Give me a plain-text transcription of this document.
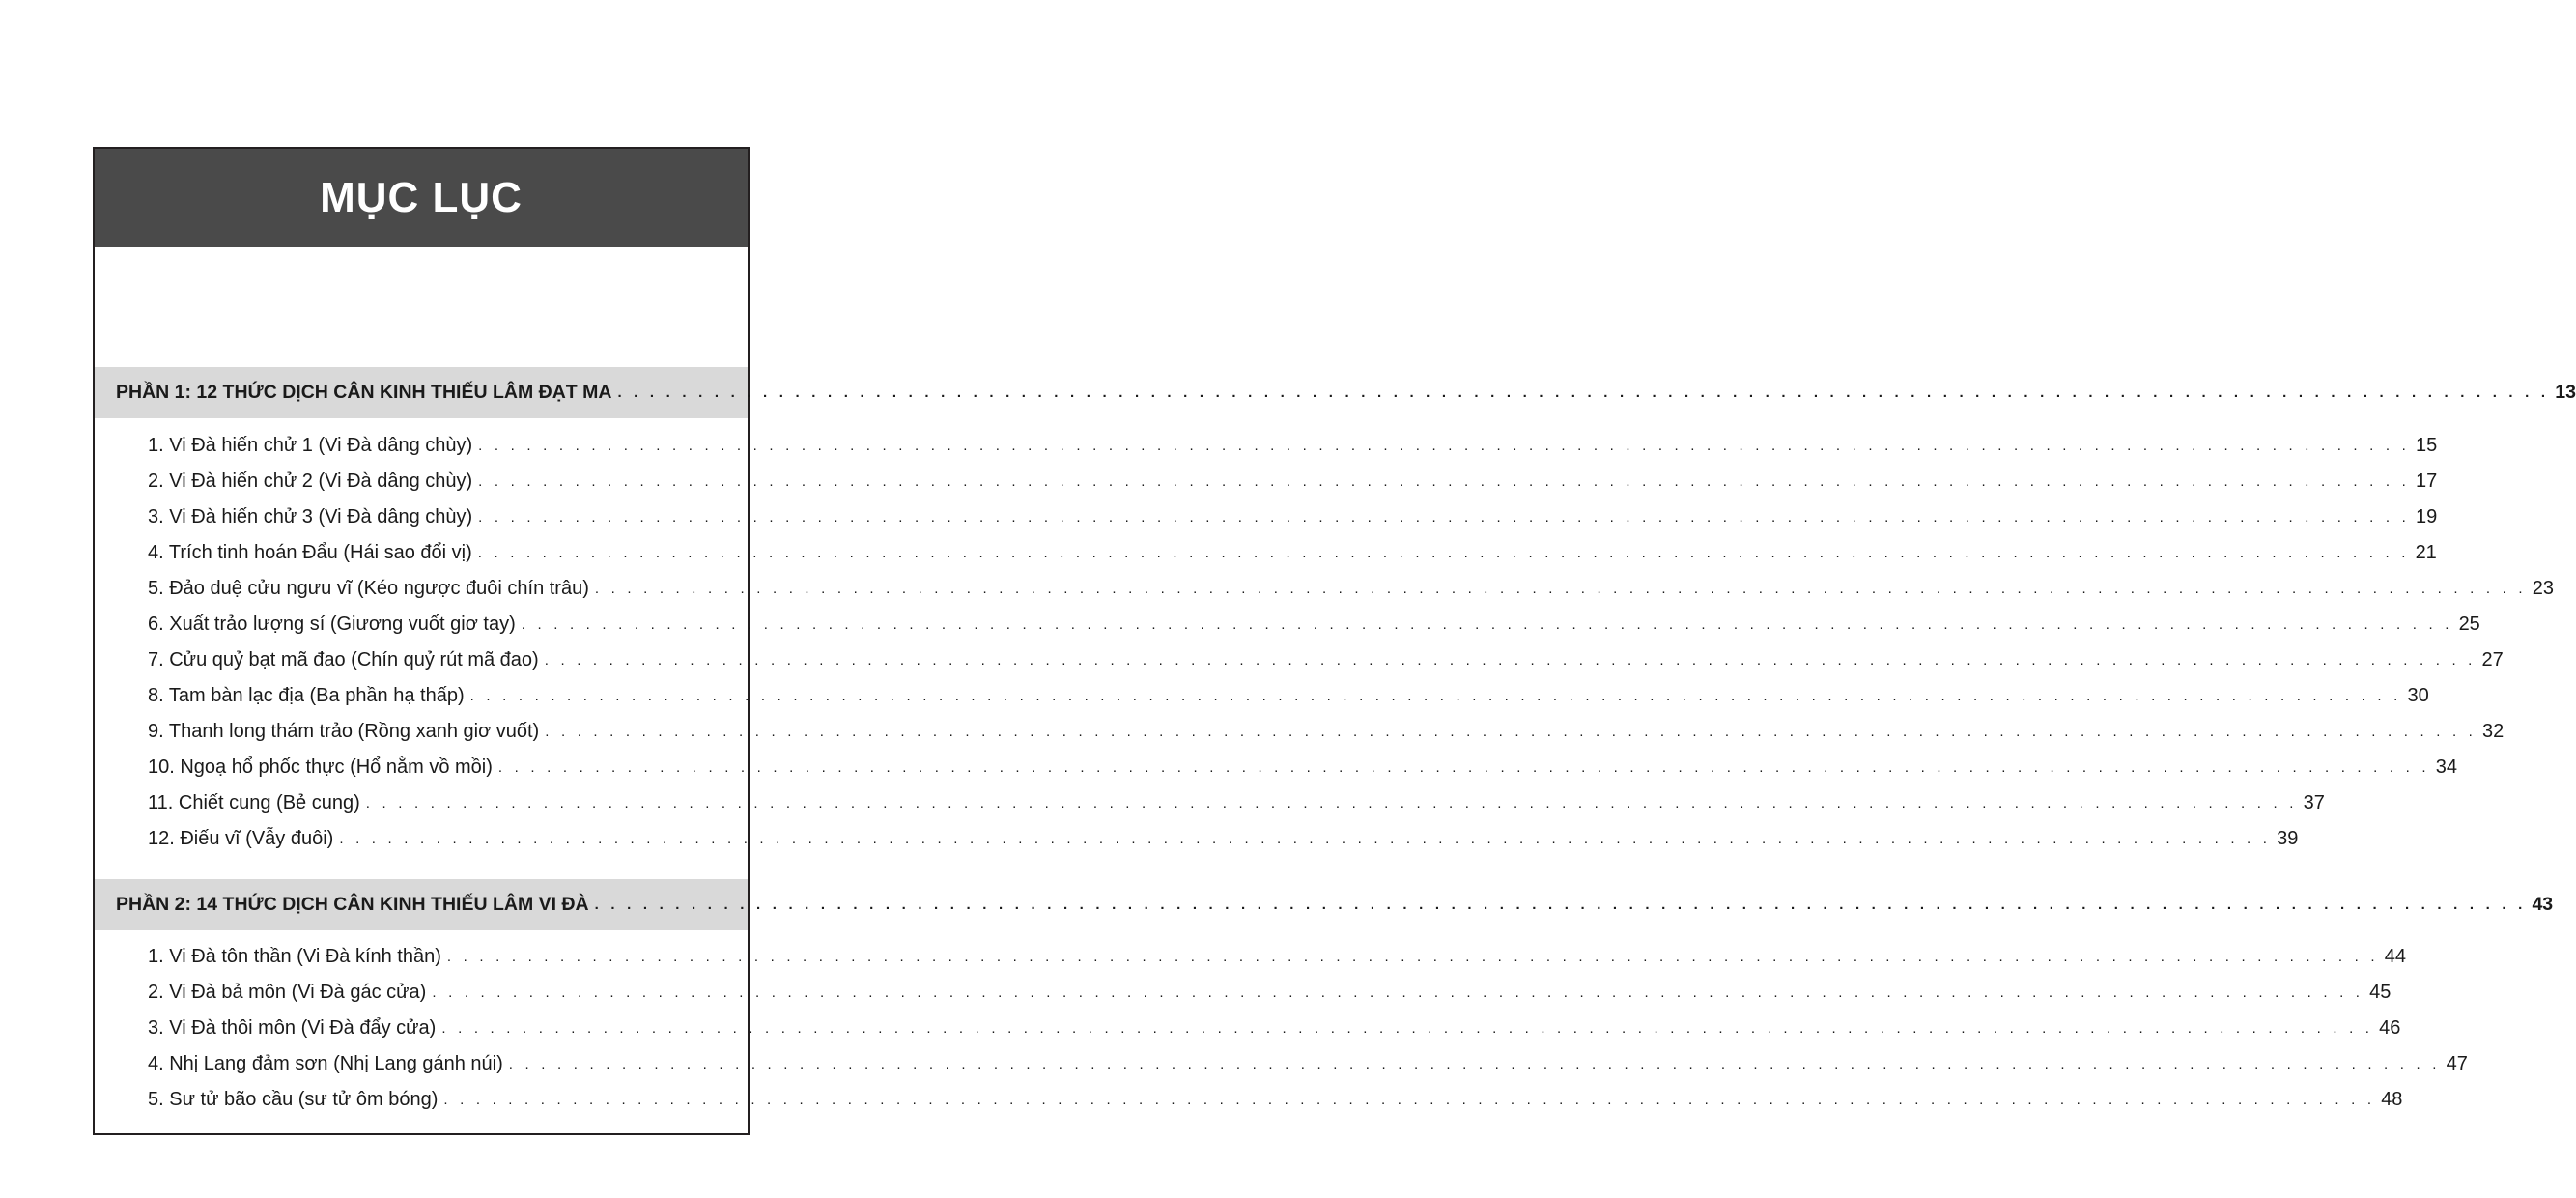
MỤC LỤC
PHẦN 1: 12 THỨC DỊCH CÂN KINH THIẾU LÂM ĐẠT MA . . . . . . . . . . . . . . . . . . . . . . . . . . . . . . . . . . . . . . . . . . . . . . . . . . . . . . . . . . . . . . . . . . . . . . . . . . . . . . . . . . . . . . . . . . . . . . . . . . . . . . . . . . . . . . . . . . . . . . . . 13
1. Vi Đà hiến chử 1 (Vi Đà dâng chùy) . . . . . . . . . . . . . . . . . . . . . . . . . . . . . . . . . . . . . . . . . . . . . . . . . . . . . . . . . . . . . . . . . . . . . . . . . . . . . . . . . . . . . . . . . . . . . . . . . . . . . . . . . . . . . . . . . . . . . . . . 15
2. Vi Đà hiến chử 2 (Vi Đà dâng chùy) . . . . . . . . . . . . . . . . . . . . . . . . . . . . . . . . . . . . . . . . . . . . . . . . . . . . . . . . . . . . . . . . . . . . . . . . . . . . . . . . . . . . . . . . . . . . . . . . . . . . . . . . . . . . . . . . . . . . . . . . 17
3. Vi Đà hiến chử 3 (Vi Đà dâng chùy) . . . . . . . . . . . . . . . . . . . . . . . . . . . . . . . . . . . . . . . . . . . . . . . . . . . . . . . . . . . . . . . . . . . . . . . . . . . . . . . . . . . . . . . . . . . . . . . . . . . . . . . . . . . . . . . . . . . . . . . . 19
4. Trích tinh hoán Đẩu (Hái sao đổi vị) . . . . . . . . . . . . . . . . . . . . . . . . . . . . . . . . . . . . . . . . . . . . . . . . . . . . . . . . . . . . . . . . . . . . . . . . . . . . . . . . . . . . . . . . . . . . . . . . . . . . . . . . . . . . . . . . . . . . . . . . 21
5. Đảo duệ cửu ngưu vĩ (Kéo ngược đuôi chín trâu) . . . . . . . . . . . . . . . . . . . . . . . . . . . . . . . . . . . . . . . . . . . . . . . . . . . . . . . . . . . . . . . . . . . . . . . . . . . . . . . . . . . . . . . . . . . . . . . . . . . . . . . . . . . . . . . . . . . . . . . . 23
6. Xuất trảo lượng sí (Giương vuốt giơ tay) . . . . . . . . . . . . . . . . . . . . . . . . . . . . . . . . . . . . . . . . . . . . . . . . . . . . . . . . . . . . . . . . . . . . . . . . . . . . . . . . . . . . . . . . . . . . . . . . . . . . . . . . . . . . . . . . . . . . . . . . 25
7. Cửu quỷ bạt mã đao (Chín quỷ rút mã đao) . . . . . . . . . . . . . . . . . . . . . . . . . . . . . . . . . . . . . . . . . . . . . . . . . . . . . . . . . . . . . . . . . . . . . . . . . . . . . . . . . . . . . . . . . . . . . . . . . . . . . . . . . . . . . . . . . . . . . . . . 27
8. Tam bàn lạc địa (Ba phần hạ thấp) . . . . . . . . . . . . . . . . . . . . . . . . . . . . . . . . . . . . . . . . . . . . . . . . . . . . . . . . . . . . . . . . . . . . . . . . . . . . . . . . . . . . . . . . . . . . . . . . . . . . . . . . . . . . . . . . . . . . . . . . 30
9. Thanh long thám trảo (Rồng xanh giơ vuốt) . . . . . . . . . . . . . . . . . . . . . . . . . . . . . . . . . . . . . . . . . . . . . . . . . . . . . . . . . . . . . . . . . . . . . . . . . . . . . . . . . . . . . . . . . . . . . . . . . . . . . . . . . . . . . . . . . . . . . . . . 32
10. Ngoạ hổ phốc thực (Hổ nằm vồ mồi) . . . . . . . . . . . . . . . . . . . . . . . . . . . . . . . . . . . . . . . . . . . . . . . . . . . . . . . . . . . . . . . . . . . . . . . . . . . . . . . . . . . . . . . . . . . . . . . . . . . . . . . . . . . . . . . . . . . . . . . . 34
11. Chiết cung (Bẻ cung) . . . . . . . . . . . . . . . . . . . . . . . . . . . . . . . . . . . . . . . . . . . . . . . . . . . . . . . . . . . . . . . . . . . . . . . . . . . . . . . . . . . . . . . . . . . . . . . . . . . . . . . . . . . . . . . . . . . . . . . . 37
12. Điếu vĩ (Vẫy đuôi) . . . . . . . . . . . . . . . . . . . . . . . . . . . . . . . . . . . . . . . . . . . . . . . . . . . . . . . . . . . . . . . . . . . . . . . . . . . . . . . . . . . . . . . . . . . . . . . . . . . . . . . . . . . . . . . . . . . . . . . . 39
PHẦN 2: 14 THỨC DỊCH CÂN KINH THIẾU LÂM VI ĐÀ . . . . . . . . . . . . . . . . . . . . . . . . . . . . . . . . . . . . . . . . . . . . . . . . . . . . . . . . . . . . . . . . . . . . . . . . . . . . . . . . . . . . . . . . . . . . . . . . . . . . . . . . . . . . . . . . . . . . . . . . 43
1. Vi Đà tôn thần (Vi Đà kính thần) . . . . . . . . . . . . . . . . . . . . . . . . . . . . . . . . . . . . . . . . . . . . . . . . . . . . . . . . . . . . . . . . . . . . . . . . . . . . . . . . . . . . . . . . . . . . . . . . . . . . . . . . . . . . . . . . . . . . . . . . 44
2. Vi Đà bả môn (Vi Đà gác cửa) . . . . . . . . . . . . . . . . . . . . . . . . . . . . . . . . . . . . . . . . . . . . . . . . . . . . . . . . . . . . . . . . . . . . . . . . . . . . . . . . . . . . . . . . . . . . . . . . . . . . . . . . . . . . . . . . . . . . . . . . 45
3. Vi Đà thôi môn (Vi Đà đẩy cửa) . . . . . . . . . . . . . . . . . . . . . . . . . . . . . . . . . . . . . . . . . . . . . . . . . . . . . . . . . . . . . . . . . . . . . . . . . . . . . . . . . . . . . . . . . . . . . . . . . . . . . . . . . . . . . . . . . . . . . . . . 46
4. Nhị Lang đảm sơn (Nhị Lang gánh núi) . . . . . . . . . . . . . . . . . . . . . . . . . . . . . . . . . . . . . . . . . . . . . . . . . . . . . . . . . . . . . . . . . . . . . . . . . . . . . . . . . . . . . . . . . . . . . . . . . . . . . . . . . . . . . . . . . . . . . . . . 47
5. Sư tử bão cầu (sư tử ôm bóng) . . . . . . . . . . . . . . . . . . . . . . . . . . . . . . . . . . . . . . . . . . . . . . . . . . . . . . . . . . . . . . . . . . . . . . . . . . . . . . . . . . . . . . . . . . . . . . . . . . . . . . . . . . . . . . . . . . . . . . . . 48
